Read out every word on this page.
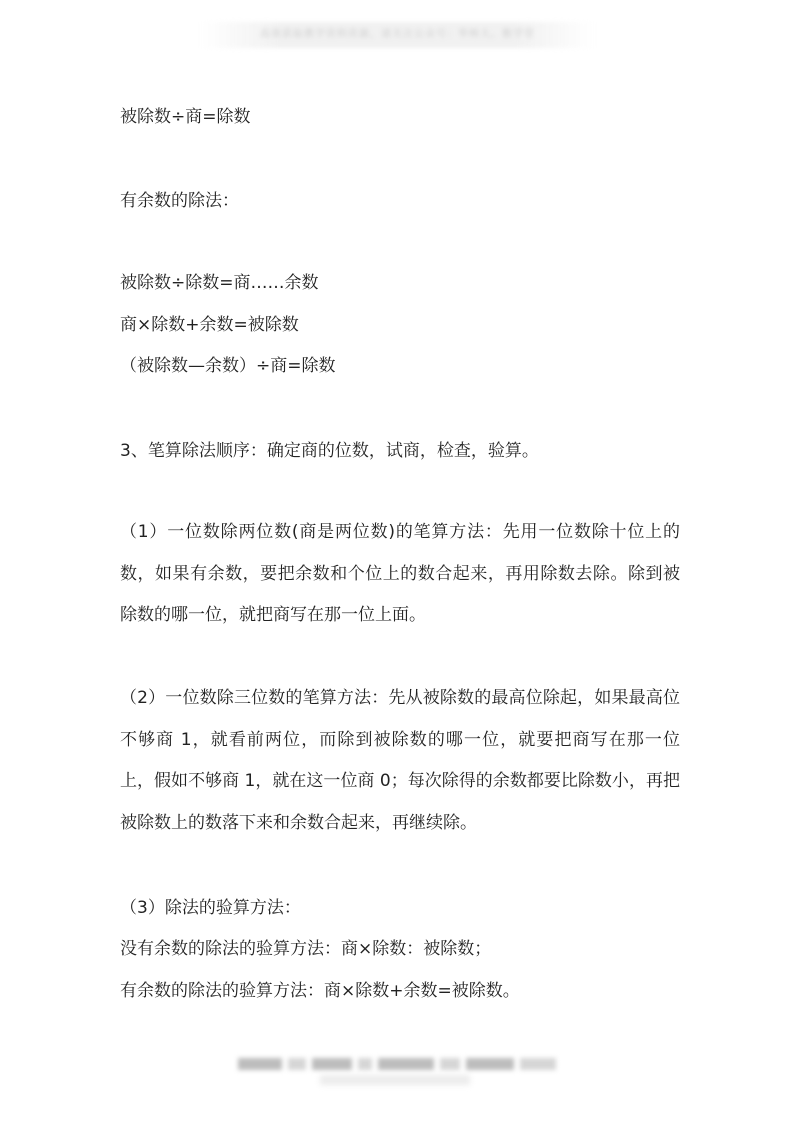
高效获取教学资料资源，请关注公众号：华师大。数学堂
被除数÷商=除数
有余数的除法：
被除数÷除数=商……余数
商×除数+余数=被除数
（被除数—余数）÷商=除数
3、笔算除法顺序：确定商的位数，试商，检查，验算。

（1）一位数除两位数(商是两位数)的笔算方法：先用一位数除十位上的数，如果有余数，要把余数和个位上的数合起来，再用除数去除。除到被除数的哪一位，就把商写在那一位上面。

（2）一位数除三位数的笔算方法：先从被除数的最高位除起，如果最高位不够商 1，就看前两位，而除到被除数的哪一位，就要把商写在那一位上，假如不够商 1，就在这一位商 0；每次除得的余数都要比除数小，再把被除数上的数落下来和余数合起来，再继续除。

（3）除法的验算方法：
没有余数的除法的验算方法：商×除数：被除数；
有余数的除法的验算方法：商×除数+余数=被除数。
